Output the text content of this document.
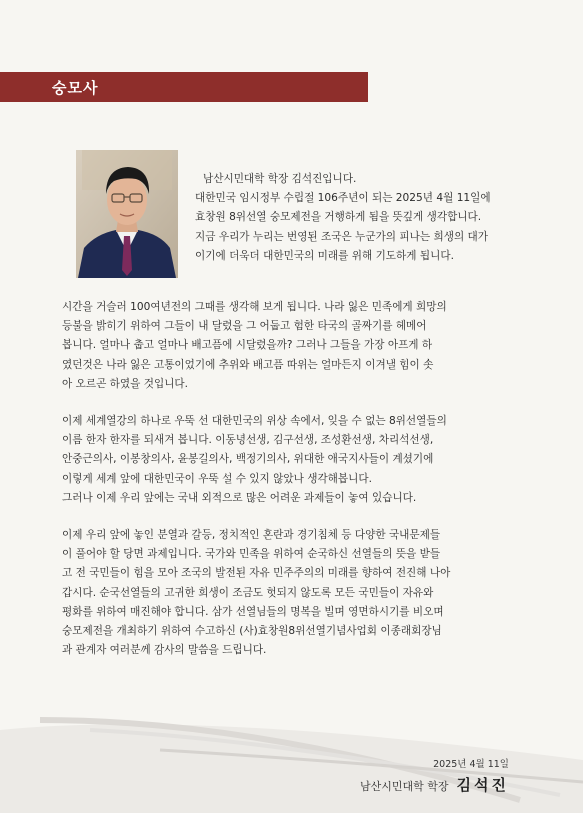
숭모사
남산시민대학 학장 김석진입니다.
대한민국 임시정부 수립절 106주년이 되는 2025년 4월 11일에
효창원 8위선열 숭모제전을 거행하게 됨을 뜻깊게 생각합니다.
지금 우리가 누리는 번영된 조국은 누군가의 피나는 희생의 대가
이기에 더욱더 대한민국의 미래를 위해 기도하게 됩니다.
시간을 거슬러 100여년전의 그때를 생각해 보게 됩니다. 나라 잃은 민족에게 희망의
등불을 밝히기 위하여 그들이 내 달렸을 그 어둡고 험한 타국의 골짜기를 헤메어
봅니다. 얼마나 춥고 얼마나 배고픔에 시달렸을까? 그러나 그들을 가장 아프게 하
였던것은 나라 잃은 고통이었기에 추위와 배고픔 따위는 얼마든지 이겨낼 힘이 솟
아 오르곤 하였을 것입니다.
이제 세계열강의 하나로 우뚝 선 대한민국의 위상 속에서, 잊을 수 없는 8위선열들의
이름 한자 한자를 되새겨 봅니다. 이동녕선생, 김구선생, 조성환선생, 차리석선생,
안중근의사, 이봉창의사, 윤봉길의사, 백정기의사, 위대한 애국지사들이 계셨기에
이렇게 세계 앞에 대한민국이 우뚝 설 수 있지 않았나 생각해봅니다.
그러나 이제 우리 앞에는 국내 외적으로 많은 어려운 과제들이 놓여 있습니다.
이제 우리 앞에 놓인 분열과 갈등, 정치적인 혼란과 경기침체 등 다양한 국내문제들
이 풀어야 할 당면 과제입니다. 국가와 민족을 위하여 순국하신 선열들의 뜻을 받들
고 전 국민들이 힘을 모아 조국의 발전된 자유 민주주의의 미래를 향하여 전진해 나아
갑시다. 순국선열들의 고귀한 희생이 조금도 헛되지 않도록 모든 국민들이 자유와
평화를 위하여 매진해야 합니다. 삼가 선열님들의 명복을 빌며 영면하시기를 비오며
숭모제전을 개최하기 위하여 수고하신 (사)효창원8위선열기념사업회 이종래회장님
과 관계자 여러분께 감사의 말씀을 드립니다.
2025년 4월 11일
남산시민대학 학장 김석진
